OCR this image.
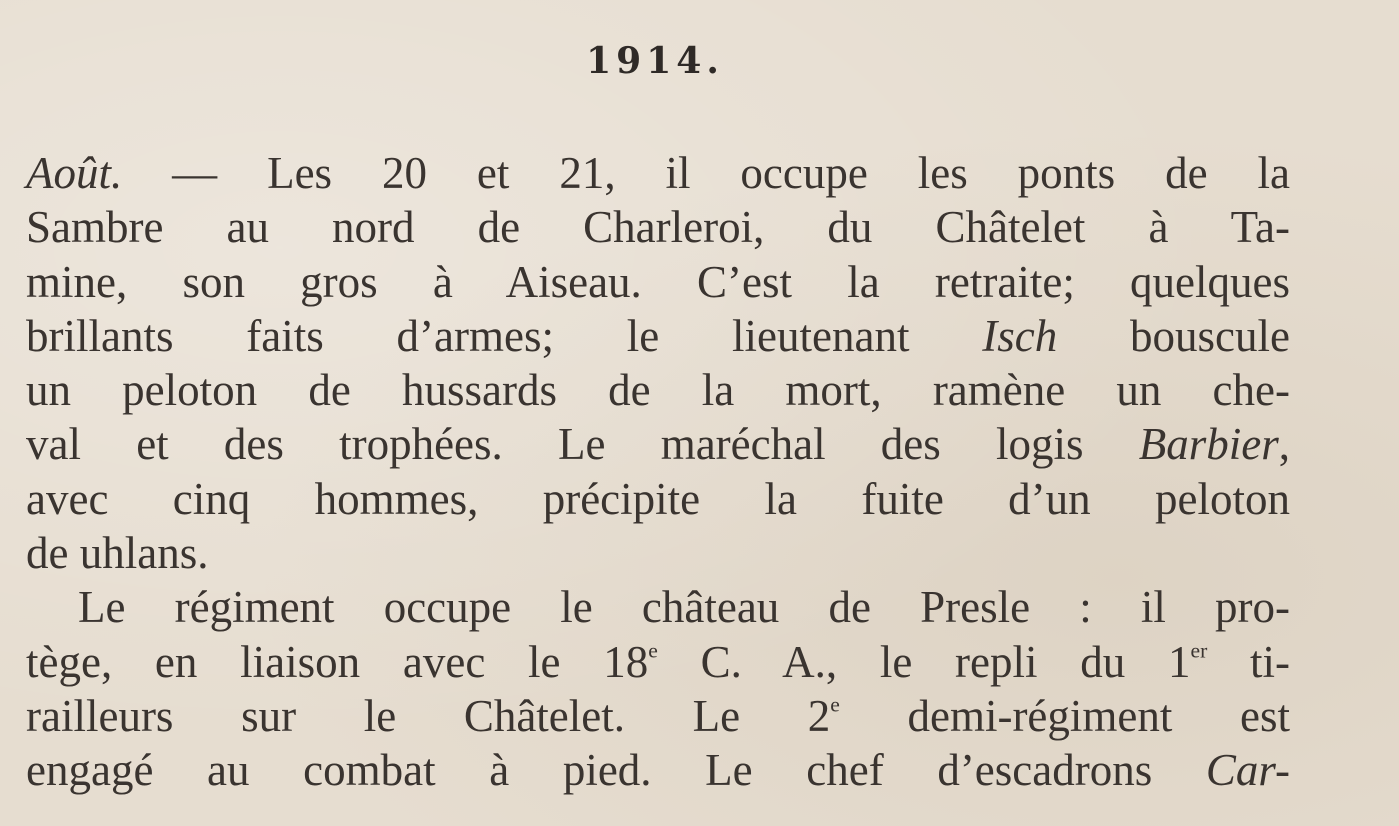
1914.
Août. — Les 20 et 21, il occupe les ponts de la
Sambre au nord de Charleroi, du Châtelet à Ta-
mine, son gros à Aiseau. C’est la retraite; quelques
brillants faits d’armes; le lieutenant Isch bouscule
un peloton de hussards de la mort, ramène un che-
val et des trophées. Le maréchal des logis Barbier,
avec cinq hommes, précipite la fuite d’un peloton
de uhlans.
Le régiment occupe le château de Presle : il pro-
tège, en liaison avec le 18e C. A., le repli du 1er ti-
railleurs sur le Châtelet. Le 2e demi-régiment est
engagé au combat à pied. Le chef d’escadrons Car-
